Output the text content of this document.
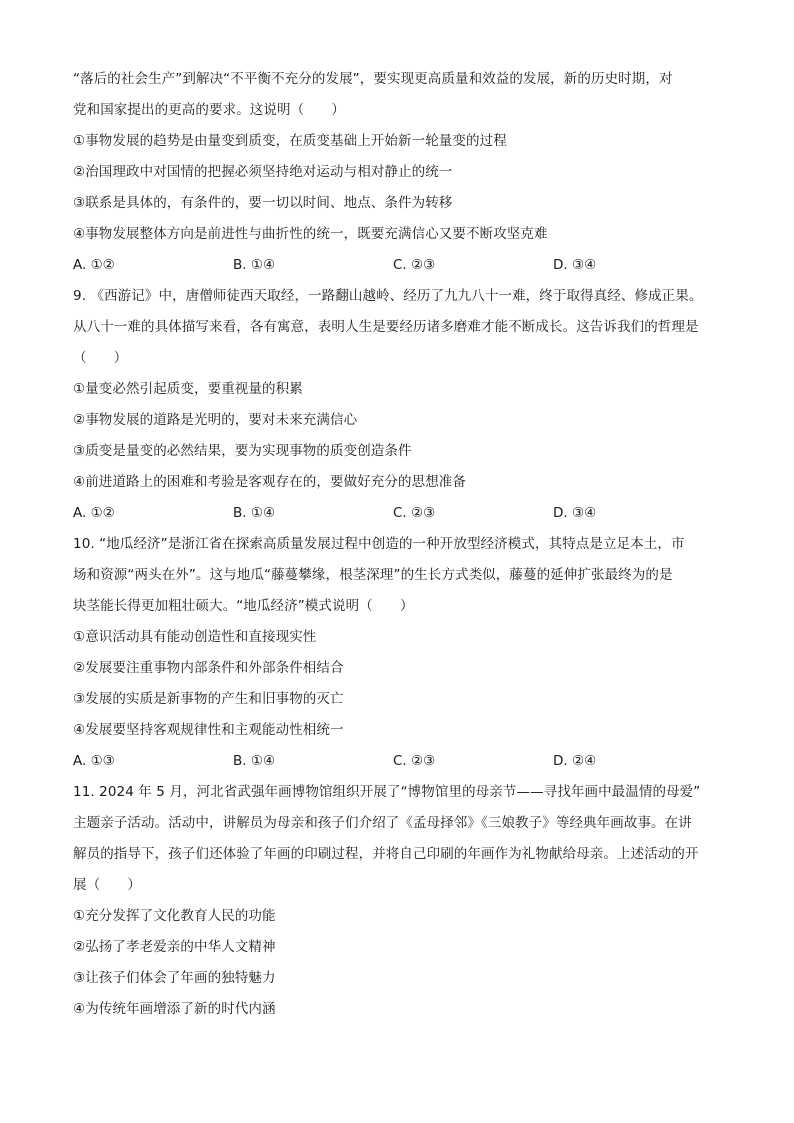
“落后的社会生产”到解决“不平衡不充分的发展”，要实现更高质量和效益的发展，新的历史时期，对
党和国家提出的更高的要求。这说明（　　）
①事物发展的趋势是由量变到质变，在质变基础上开始新一轮量变的过程
②治国理政中对国情的把握必须坚持绝对运动与相对静止的统一
③联系是具体的，有条件的，要一切以时间、地点、条件为转移
④事物发展整体方向是前进性与曲折性的统一，既要充满信心又要不断攻坚克难
A. ①②	B. ①④	C. ②③	D. ③④
9. 《西游记》中，唐僧师徒西天取经，一路翻山越岭、经历了九九八十一难，终于取得真经、修成正果。
从八十一难的具体描写来看，各有寓意，表明人生是要经历诸多磨难才能不断成长。这告诉我们的哲理是
（　　）
①量变必然引起质变，要重视量的积累
②事物发展的道路是光明的，要对未来充满信心
③质变是量变的必然结果，要为实现事物的质变创造条件
④前进道路上的困难和考验是客观存在的，要做好充分的思想准备
A. ①②	B. ①④	C. ②③	D. ③④
10. “地瓜经济”是浙江省在探索高质量发展过程中创造的一种开放型经济模式，其特点是立足本土，市
场和资源“两头在外”。这与地瓜“藤蔓攀缘，根茎深理”的生长方式类似，藤蔓的延伸扩张最终为的是
块茎能长得更加粗壮硕大。“地瓜经济”模式说明（　　）
①意识活动具有能动创造性和直接现实性
②发展要注重事物内部条件和外部条件相结合
③发展的实质是新事物的产生和旧事物的灭亡
④发展要坚持客观规律性和主观能动性相统一
A. ①③	B. ①④	C. ②③	D. ②④
11. 2024 年 5 月，河北省武强年画博物馆组织开展了“博物馆里的母亲节——寻找年画中最温情的母爱”
主题亲子活动。活动中，讲解员为母亲和孩子们介绍了《孟母择邻》《三娘教子》等经典年画故事。在讲
解员的指导下，孩子们还体验了年画的印刷过程，并将自己印刷的年画作为礼物献给母亲。上述活动的开
展（　　）
①充分发挥了文化教育人民的功能
②弘扬了孝老爱亲的中华人文精神
③让孩子们体会了年画的独特魅力
④为传统年画增添了新的时代内涵
